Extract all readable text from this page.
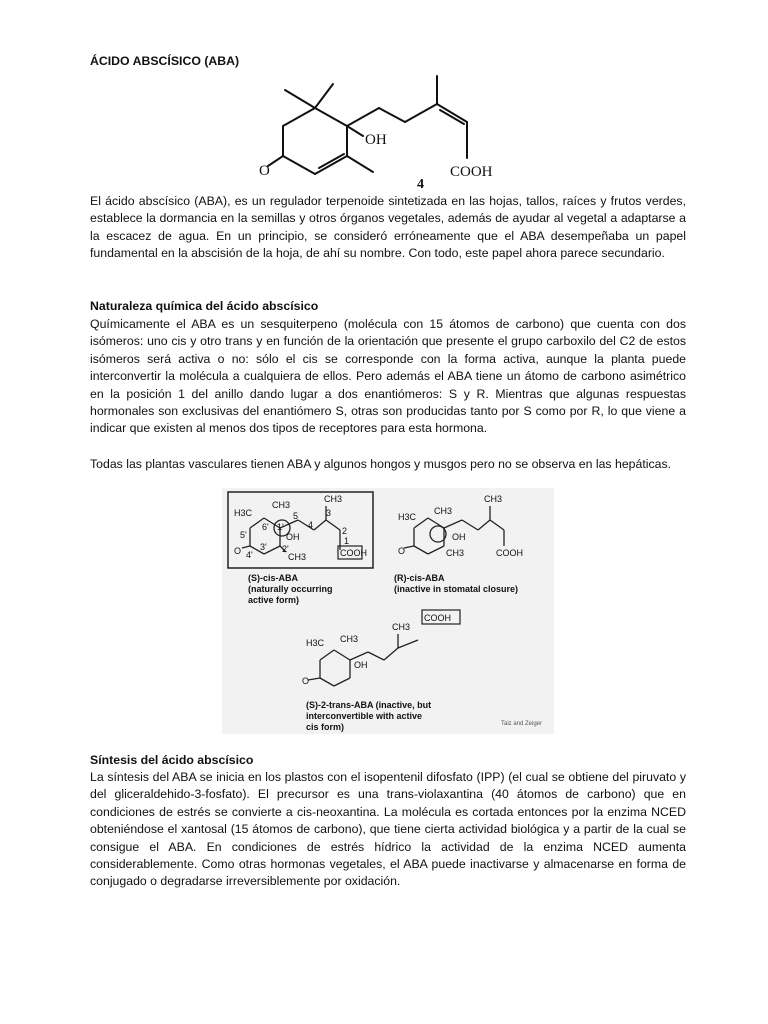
ÁCIDO ABSCÍSICO (ABA)
O
OH
COOH
4
El ácido abscísico (ABA), es un regulador terpenoide sintetizada en las hojas, tallos, raíces y frutos verdes, establece la dormancia en la semillas y otros órganos vegetales, además de ayudar al vegetal a adaptarse a la escacez de agua. En un principio, se consideró erróneamente que el ABA desempeñaba un papel fundamental en la abscisión de la hoja, de ahí su nombre. Con todo, este papel ahora parece secundario.
Naturaleza química del ácido abscísico
Químicamente el ABA es un sesquiterpeno (molécula con 15 átomos de carbono) que cuenta con dos isómeros: uno cis y otro trans y en función de la orientación que presente el grupo carboxilo del C2 de estos isómeros será activa o no: sólo el cis se corresponde con la forma activa, aunque la planta puede interconvertir la molécula a cualquiera de ellos. Pero además el ABA tiene un átomo de carbono asimétrico en la posición 1 del anillo dando lugar a dos enantiómeros: S y R. Mientras que algunas respuestas hormonales son exclusivas del enantiómero S, otras son producidas tanto por S como por R, lo que viene a indicar que existen al menos dos tipos de receptores para esta hormona.
Todas las plantas vasculares tienen ABA y algunos hongos y musgos pero no se observa en las hepáticas.
H3C
CH3
CH3
5
6'
5'
1'	4
3
2
1
OH
O 4'
3' 2'
CH3	COOH
H3C
CH3
CH3
OH
O	CH3	COOH
H3C CH3
CH3
OH
O
COOH
(S)-cis-ABA
(naturally occurring
active form)
(R)-cis-ABA
(inactive in stomatal closure)
(S)-2-trans-ABA (inactive, but
interconvertible with active
cis form)	Taiz and Zeiger
Síntesis del ácido abscísico
La síntesis del ABA se inicia en los plastos con el isopentenil difosfato (IPP) (el cual se obtiene del piruvato y del gliceraldehido-3-fosfato). El precursor es una trans-violaxantina (40 átomos de carbono) que en condiciones de estrés se convierte a cis-neoxantina. La molécula es cortada entonces por la enzima NCED obteniéndose el xantosal (15 átomos de carbono), que tiene cierta actividad biológica y a partir de la cual se consigue el ABA. En condiciones de estrés hídrico la actividad de la enzima NCED aumenta considerablemente. Como otras hormonas vegetales, el ABA puede inactivarse y almacenarse en forma de conjugado o degradarse irreversiblemente por oxidación.
